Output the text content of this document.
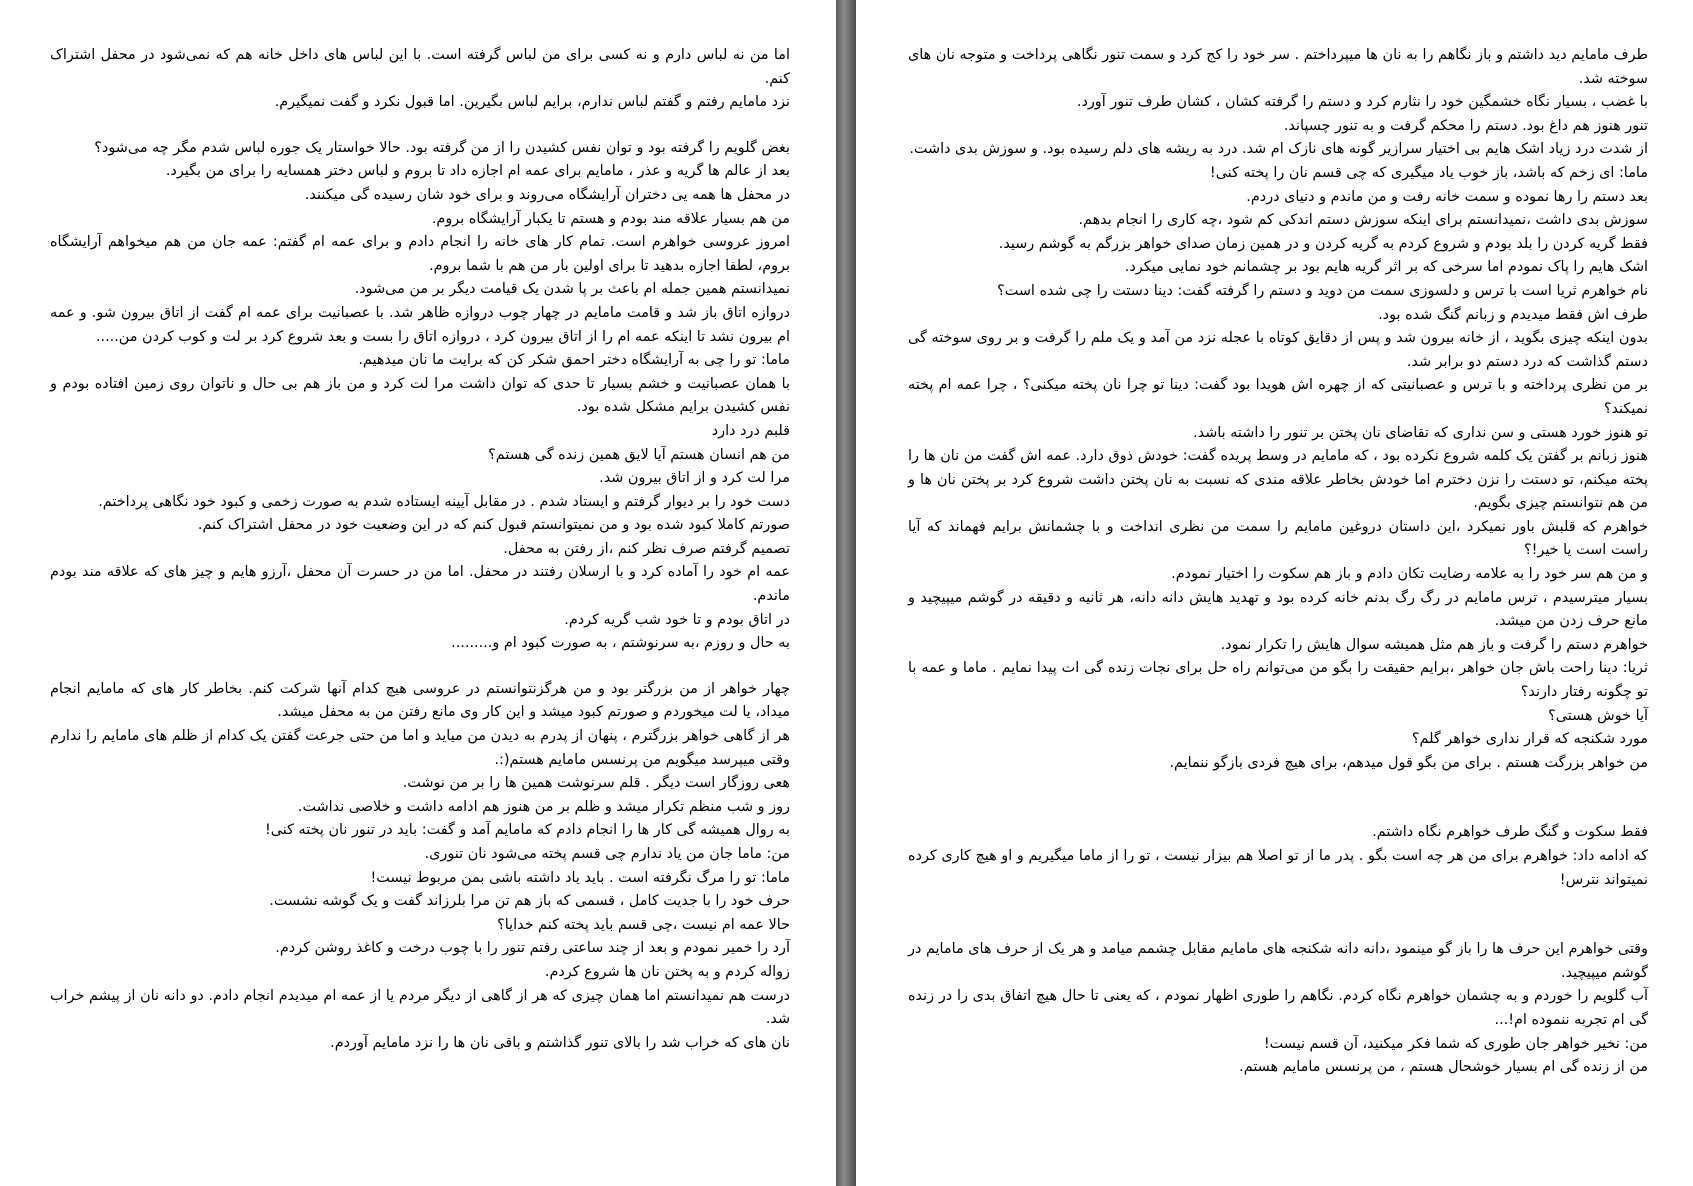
اما من نه لباس دارم و نه کسی برای من لباس گرفته است. با این لباس های داخل خانه هم که نمی‌شود در محفل اشتراک کنم.

نزد مامایم رفتم و گفتم لباس ندارم، برایم لباس بگیرین. اما قبول نکرد و گفت نمیگیرم.

بغض گلویم را گرفته بود و توان نفس کشیدن را از من گرفته بود. حالا خواستار یک جوره لباس شدم مگر چه می‌شود؟

بعد از عالم ها گریه و عذر ، مامایم برای عمه ام اجازه داد تا بروم و لباس دختر همسایه را برای من بگیرد.

در محفل ها همه یی دختران آرایشگاه می‌روند و برای خود شان رسیده گی میکنند.

من هم بسیار علاقه مند بودم و هستم تا یکبار آرایشگاه بروم.

امروز عروسی خواهرم است. تمام کار های خانه را انجام دادم و برای عمه ام گفتم: عمه جان من هم میخواهم آرایشگاه بروم، لطفا اجازه بدهید تا برای اولین بار من هم با شما بروم.

نمیدانستم همین جمله ام باعث بر پا شدن یک قیامت دیگر بر من می‌شود.

دروازه اتاق باز شد و قامت مامایم در چهار چوب دروازه ظاهر شد. با عصبانیت برای عمه ام گفت از اتاق بیرون شو. و عمه ام بیرون نشد تا اینکه عمه ام را از اتاق بیرون کرد ، دروازه اتاق را بست و بعد شروع کرد بر لت و کوب کردن من.....

ماما: تو را چی به آرایشگاه دختر احمق شکر کن که برایت ما نان میدهیم.

با همان عصبانیت و خشم بسیار تا حدی که توان داشت مرا لت کرد و من باز هم بی حال و ناتوان روی زمین افتاده بودم و نفس کشیدن برایم مشکل شده بود.

قلبم درد دارد

من هم انسان هستم آیا لایق همین زنده گی هستم؟

مرا لت کرد و از اتاق بیرون شد.

دست خود را بر دیوار گرفتم و ایستاد شدم . در مقابل آیینه ایستاده شدم به صورت زخمی و کبود خود نگاهی پرداختم.

صورتم کاملا کبود شده بود و من نمیتوانستم قبول کنم که در این وضعیت خود در محفل اشتراک کنم.

تصمیم گرفتم صرف نظر کنم ،از رفتن به محفل.

عمه ام خود را آماده کرد و با ارسلان رفتند در محفل. اما من در حسرت آن محفل ،آرزو هایم و چیز های که علاقه مند بودم ماندم.

در اتاق بودم و تا خود شب گریه کردم.

به حال و روزم ،به سرنوشتم ، به صورت کبود ام و.........

چهار خواهر از من بزرگتر بود و من هرگزنتوانستم در عروسی هیچ کدام آنها شرکت کنم. بخاطر کار های که مامایم انجام میداد، یا لت میخوردم و صورتم کبود میشد و این کار وی مانع رفتن من به محفل میشد.

هر از گاهی خواهر بزرگترم ، پنهان از پدرم به دیدن من میاید و اما من حتی جرعت گفتن یک کدام از ظلم های مامایم را ندارم وقتی میپرسد میگویم من پرنسس مامایم هستم(:.

هعی روزگار است دیگر . قلم سرنوشت همین ها را بر من نوشت.

روز و شب منظم تکرار میشد و ظلم بر من هنوز هم ادامه داشت و خلاصی نداشت.

به روال همیشه گی کار ها را انجام دادم که مامایم آمد و گفت: باید در تنور نان پخته کنی!

من: ماما جان من یاد ندارم چی قسم پخته می‌شود نان تنوری.

ماما: تو را مرگ نگرفته است . باید یاد داشته باشی بمن مربوط نیست!

حرف خود را با جدیت کامل ، قسمی که باز هم تن مرا بلرزاند گفت و یک گوشه نشست.

حالا عمه ام نیست ،چی قسم باید پخته کنم خدایا؟

آرد را خمیر نمودم و بعد از چند ساعتی رفتم تنور را با چوب درخت و کاغذ روشن کردم.

زواله کردم و به پختن نان ها شروع کردم.

درست هم نمیدانستم اما همان چیزی که هر از گاهی از دیگر مردم یا از عمه ام میدیدم انجام دادم. دو دانه نان از پیشم خراب شد.

نان های که خراب شد را بالای تنور گذاشتم و باقی نان ها را نزد مامایم آوردم.

طرف مامایم دید داشتم و باز نگاهم را به نان ها میپرداختم . سر خود را کج کرد و سمت تنور نگاهی پرداخت و متوجه نان های سوخته شد.

با غضب ، بسیار نگاه خشمگین خود را نثارم کرد و دستم را گرفته کشان ، کشان طرف تنور آورد.

تنور هنوز هم داغ بود. دستم را محکم گرفت و به تنور چسپاند.

از شدت درد زیاد اشک هایم بی اختیار سرازیر گونه های نازک ام شد. درد به ریشه های دلم رسیده بود. و سوزش بدی داشت.

ماما: ای زخم که باشد، باز خوب یاد میگیری که چی قسم نان را پخته کنی!

بعد دستم را رها نموده و سمت خانه رفت و من ماندم و دنیای دردم.

سوزش بدی داشت ،نمیدانستم برای اینکه سوزش دستم اندکی کم شود ،چه کاری را انجام بدهم.

فقط گریه کردن را بلد بودم و شروع کردم به گریه کردن و در همین زمان صدای خواهر بزرگم به گوشم رسید.

اشک هایم را پاک نمودم اما سرخی که بر اثر گریه هایم بود بر چشمانم خود نمایی میکرد.

نام خواهرم ثریا است با ترس و دلسوزی سمت من دوید و دستم را گرفته گفت: دینا دستت را چی شده است؟

طرف اش فقط میدیدم و زبانم گنگ شده بود.

بدون اینکه چیزی بگوید ، از خانه بیرون شد و پس از دقایق کوتاه با عجله نزد من آمد و یک ملم را گرفت و بر روی سوخته گی دستم گذاشت که درد دستم دو برابر شد.

بر من نظری پرداخته و با ترس و عصبانیتی که از چهره اش هویدا بود گفت: دینا تو چرا نان پخته میکنی؟ ، چرا عمه ام پخته نمیکند؟

تو هنوز خورد هستی و سن نداری که تقاضای نان پختن بر تنور را داشته باشد.

هنوز زبانم بر گفتن یک کلمه شروع نکرده بود ، که مامایم در وسط پریده گفت: خودش ذوق دارد. عمه اش گفت من نان ها را پخته میکنم، تو دستت را نزن دخترم اما خودش بخاطر علاقه مندی که نسبت به نان پختن داشت شروع کرد بر پختن نان ها و من هم نتوانستم چیزی بگویم.

خواهرم که قلبش باور نمیکرد ،این داستان دروغین مامایم را سمت من نظری انداخت و با چشمانش برایم فهماند که آیا راست است یا خیر!؟

و من هم سر خود را به علامه رضایت تکان دادم و باز هم سکوت را اختیار نمودم.

بسیار میترسیدم ، ترس مامایم در رگ رگ بدنم خانه کرده بود و تهدید هایش دانه دانه، هر ثانیه و دقیقه در گوشم میپیچید و مانع حرف زدن من میشد.

خواهرم دستم را گرفت و باز هم مثل همیشه سوال هایش را تکرار نمود.

ثریا: دینا راحت باش جان خواهر ،برایم حقیقت را بگو من می‌توانم راه حل برای نجات زنده گی ات پیدا نمایم . ماما و عمه با تو چگونه رفتار دارند؟

آیا خوش هستی؟

مورد شکنجه که قرار نداری خواهر گلم؟

من خواهر بزرگت هستم . برای من بگو قول میدهم، برای هیچ فردی بازگو ننمایم.

فقط سکوت و گنگ طرف خواهرم نگاه داشتم.

که ادامه داد: خواهرم برای من هر چه است بگو . پدر ما از تو اصلا هم بیزار نیست ، تو را از ماما میگیریم و او هیچ کاری کرده نمیتواند نترس!

وقتی خواهرم این حرف ها را باز گو مینمود ،دانه دانه شکنجه های مامایم مقابل چشمم میامد و هر یک از حرف های مامایم در گوشم میپیچید.

آب گلویم را خوردم و به چشمان خواهرم نگاه کردم. نگاهم را طوری اظهار نمودم ، که یعنی تا حال هیچ اتفاق بدی را در زنده گی ام تجربه ننموده ام!...

من: نخیر خواهر جان طوری که شما فکر میکنید، آن قسم نیست!

من از زنده گی ام بسیار خوشحال هستم ، من پرنسس مامایم هستم.
